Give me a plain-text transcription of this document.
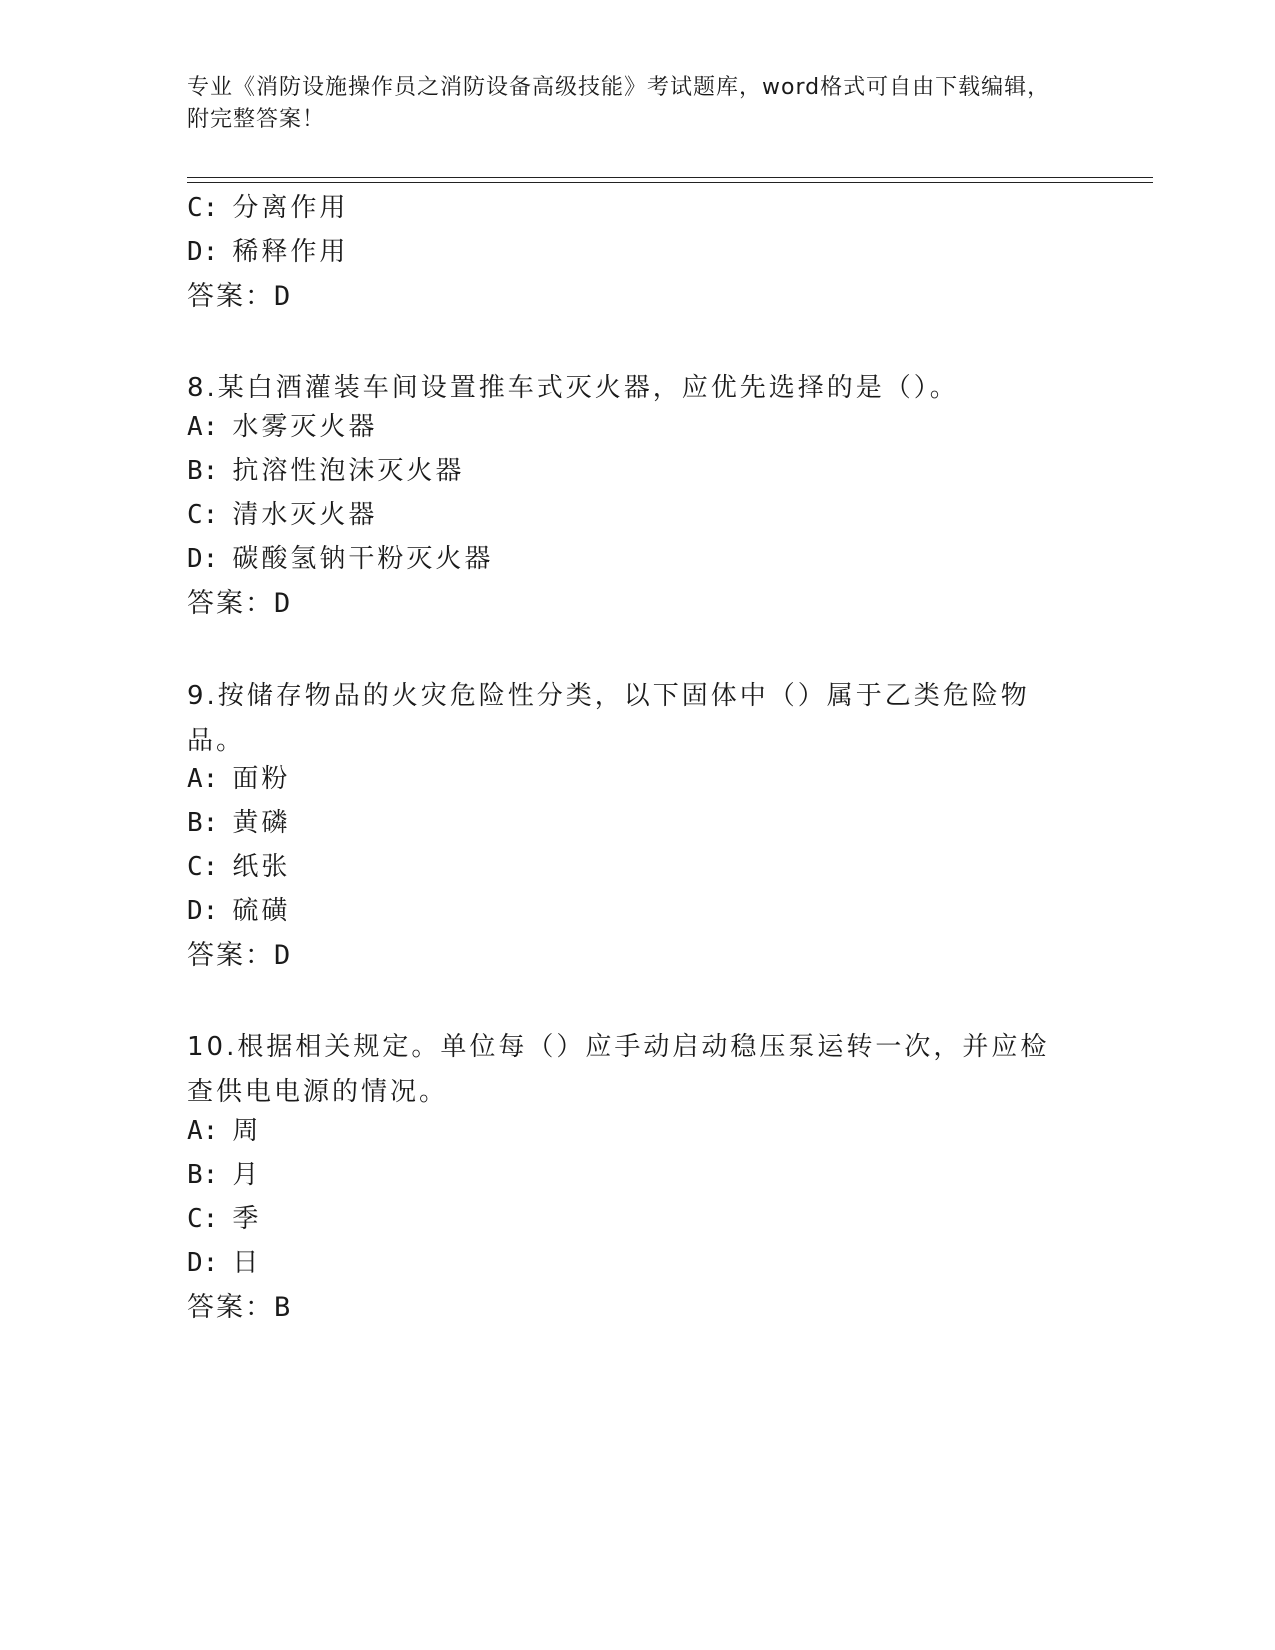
专业《消防设施操作员之消防设备高级技能》考试题库，word格式可自由下载编辑，附完整答案！
C: 分离作用
D: 稀释作用
答案：D
8.某白酒灌装车间设置推车式灭火器，应优先选择的是（）。
A: 水雾灭火器
B: 抗溶性泡沫灭火器
C: 清水灭火器
D: 碳酸氢钠干粉灭火器
答案：D
9.按储存物品的火灾危险性分类，以下固体中（）属于乙类危险物品。
A: 面粉
B: 黄磷
C: 纸张
D: 硫磺
答案：D
10.根据相关规定。单位每（）应手动启动稳压泵运转一次，并应检查供电电源的情况。
A: 周
B: 月
C: 季
D: 日
答案：B
